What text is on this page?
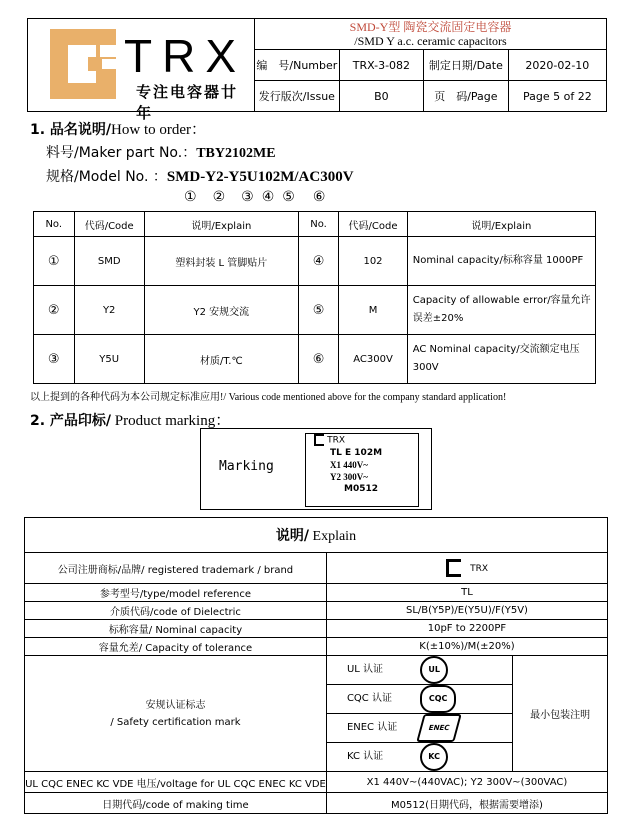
TRX
专注电容器廿年
SMD-Y型 陶瓷交流固定电容器
/SMD Y a.c. ceramic capacitors			

编　号/Number	TRX-3-082	制定日期/Date	2020-02-10
发行版次/Issue	B0	页　码/Page	Page 5 of 22
1. 品名说明/How to order：
料号/Maker part No.：TBY2102ME
规格/Model No. ：SMD-Y2-Y5U102M/AC300V
① ② ③ ④ ⑤ ⑥
No.	代码/Code	说明/Explain	No.	代码/Code	说明/Explain
①	SMD	塑料封装 L 管脚贴片	④	102	Nominal capacity/标称容量 1000PF
②	Y2	Y2 安规交流	⑤	M	Capacity of allowable error/容量允许误差±20%
③	Y5U	材质/T.℃	⑥	AC300V	AC Nominal capacity/交流额定电压 300V
以上提到的各种代码为本公司规定标准应用!/ Various code mentioned above for the company standard application!
2. 产品印标/ Product marking：
Marking
TRX
TL E 102M
X1 440V~
Y2 300V~
M0512
说明/ Explain		
公司注册商标/品牌/ registered trademark / brand	TRX	
参考型号/type/model reference	TL	
介质代码/code of Dielectric	SL/B(Y5P)/E(Y5U)/F(Y5V)	
标称容量/ Nominal capacity	10pF to 2200PF	
容量允差/ Capacity of tolerance	K(±10%)/M(±20%)	

安规认证标志
/ Safety certification mark	UL 认证 UL	最小包装注明
	CQC 认证 CQC	
	ENEC 认证 ENEC	
	KC 认证 KC	
UL CQC ENEC KC VDE 电压/voltage for UL CQC ENEC KC VDE	X1 440V~(440VAC); Y2 300V~(300VAC)	
日期代码/code of making time	M0512(日期代码，根据需要增添)	
